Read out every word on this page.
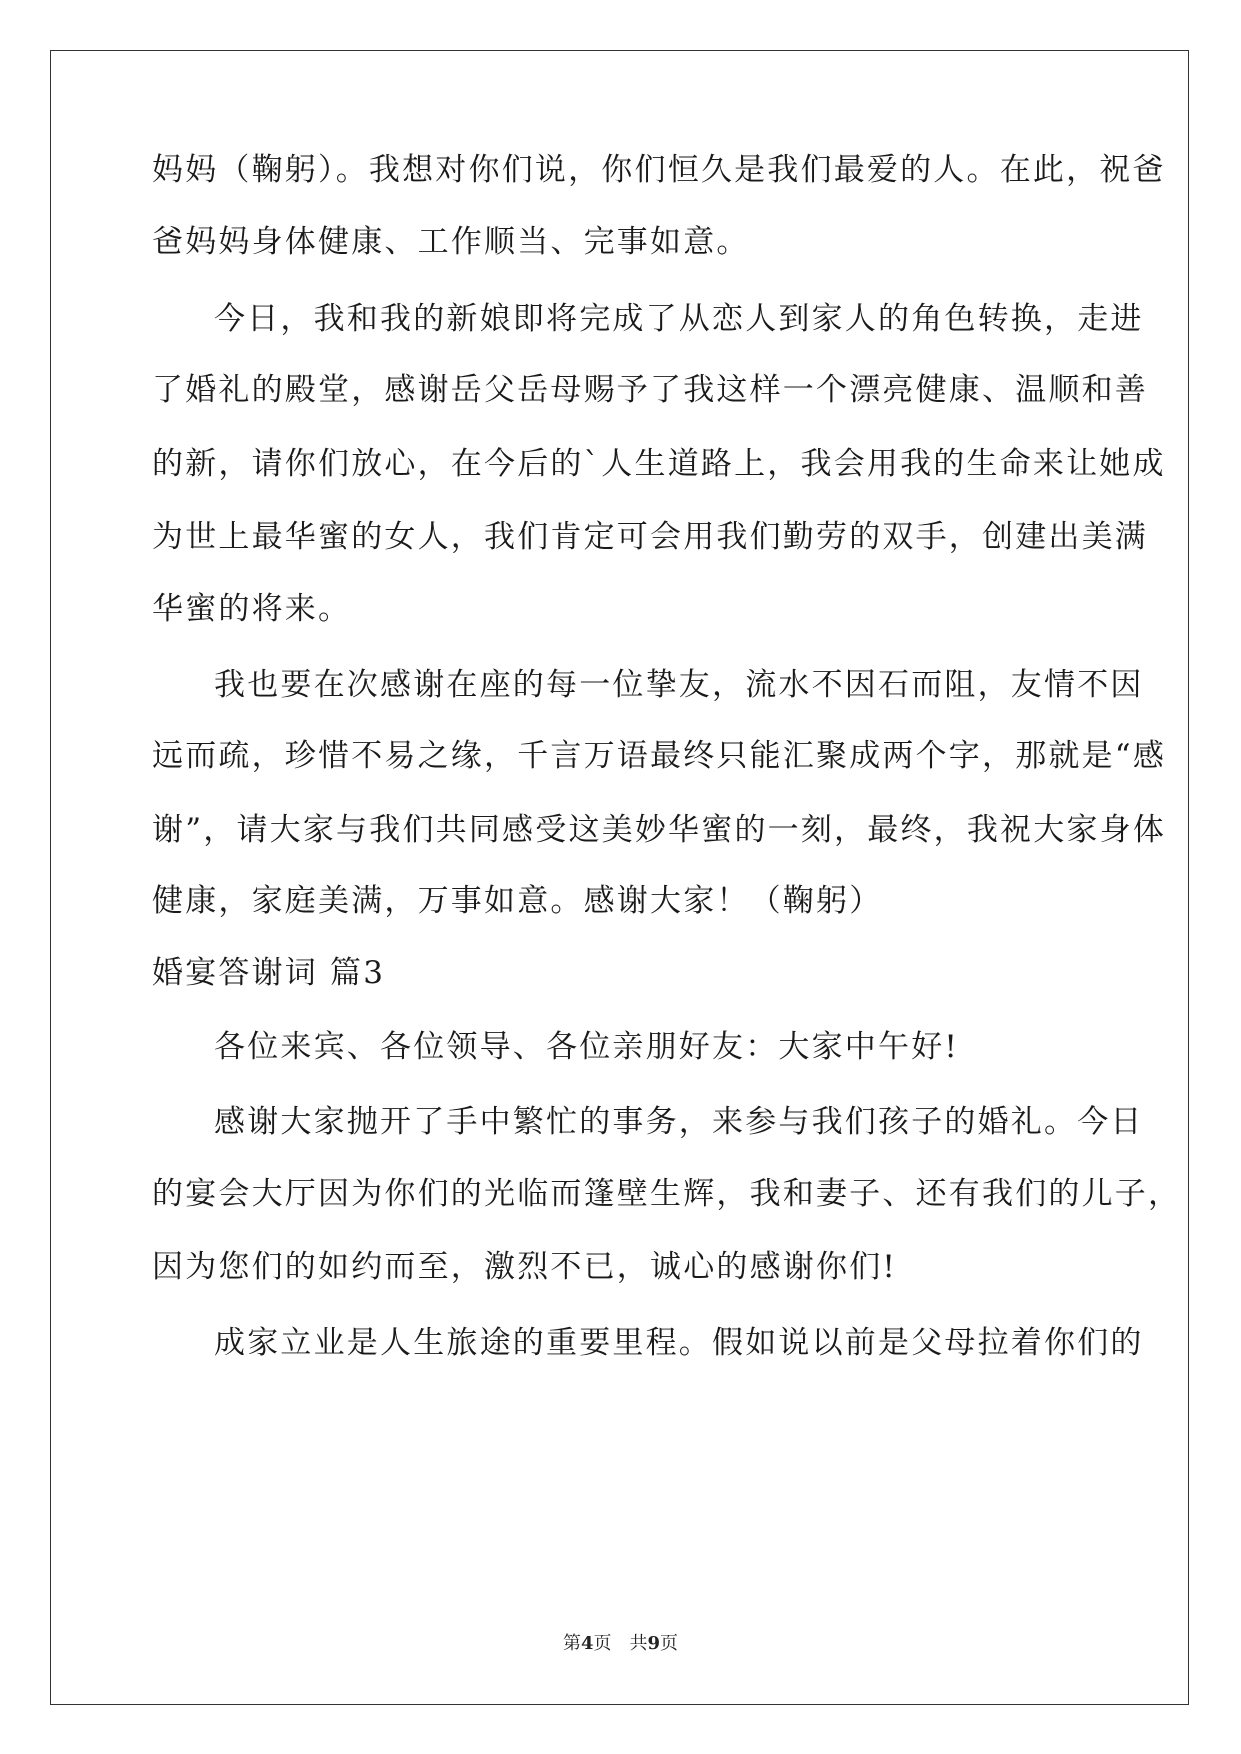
妈妈（鞠躬）。我想对你们说，你们恒久是我们最爱的人。在此，祝爸
爸妈妈身体健康、工作顺当、完事如意。
今日，我和我的新娘即将完成了从恋人到家人的角色转换，走进
了婚礼的殿堂，感谢岳父岳母赐予了我这样一个漂亮健康、温顺和善
的新，请你们放心，在今后的`人生道路上，我会用我的生命来让她成
为世上最华蜜的女人，我们肯定可会用我们勤劳的双手，创建出美满
华蜜的将来。
我也要在次感谢在座的每一位挚友，流水不因石而阻，友情不因
远而疏，珍惜不易之缘，千言万语最终只能汇聚成两个字，那就是“感
谢”，请大家与我们共同感受这美妙华蜜的一刻，最终，我祝大家身体
健康，家庭美满，万事如意。感谢大家！（鞠躬）
婚宴答谢词 篇3
各位来宾、各位领导、各位亲朋好友：大家中午好!
感谢大家抛开了手中繁忙的事务，来参与我们孩子的婚礼。今日
的宴会大厅因为你们的光临而篷壁生辉，我和妻子、还有我们的儿子，
因为您们的如约而至，激烈不已，诚心的感谢你们!
成家立业是人生旅途的重要里程。假如说以前是父母拉着你们的
第4页　共9页
